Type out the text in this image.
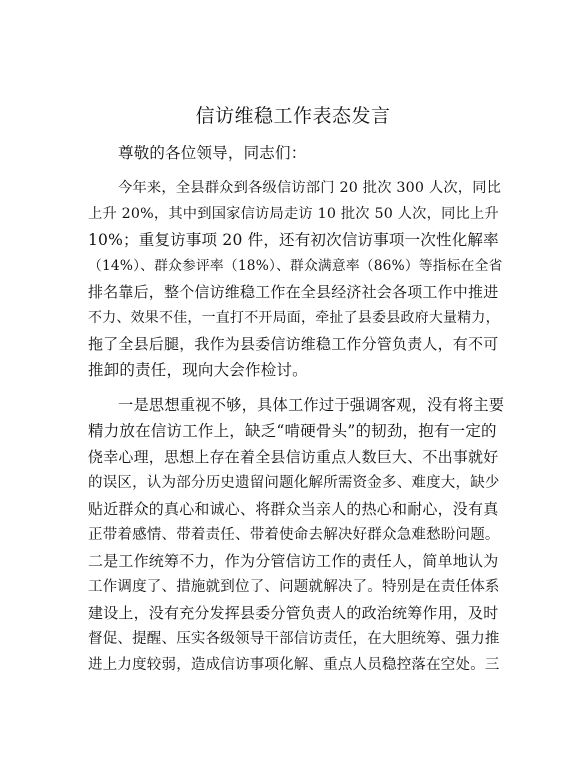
信访维稳工作表态发言
尊敬的各位领导，同志们：
今年来，全县群众到各级信访部门 20 批次 300 人次，同比
上升 20%，其中到国家信访局走访 10 批次 50 人次，同比上升
10%；重复访事项 20 件，还有初次信访事项一次性化解率
（14%）、群众参评率（18%）、群众满意率（86%）等指标在全省
排名靠后，整个信访维稳工作在全县经济社会各项工作中推进
不力、效果不佳，一直打不开局面，牵扯了县委县政府大量精力，
拖了全县后腿，我作为县委信访维稳工作分管负责人，有不可
推卸的责任，现向大会作检讨。
一是思想重视不够，具体工作过于强调客观，没有将主要
精力放在信访工作上，缺乏“啃硬骨头”的韧劲，抱有一定的
侥幸心理，思想上存在着全县信访重点人数巨大、不出事就好
的误区，认为部分历史遗留问题化解所需资金多、难度大，缺少
贴近群众的真心和诚心、将群众当亲人的热心和耐心，没有真
正带着感情、带着责任、带着使命去解决好群众急难愁盼问题。
二是工作统筹不力，作为分管信访工作的责任人，简单地认为
工作调度了、措施就到位了、问题就解决了。特别是在责任体系
建设上，没有充分发挥县委分管负责人的政治统筹作用，及时
督促、提醒、压实各级领导干部信访责任，在大胆统筹、强力推
进上力度较弱，造成信访事项化解、重点人员稳控落在空处。三
